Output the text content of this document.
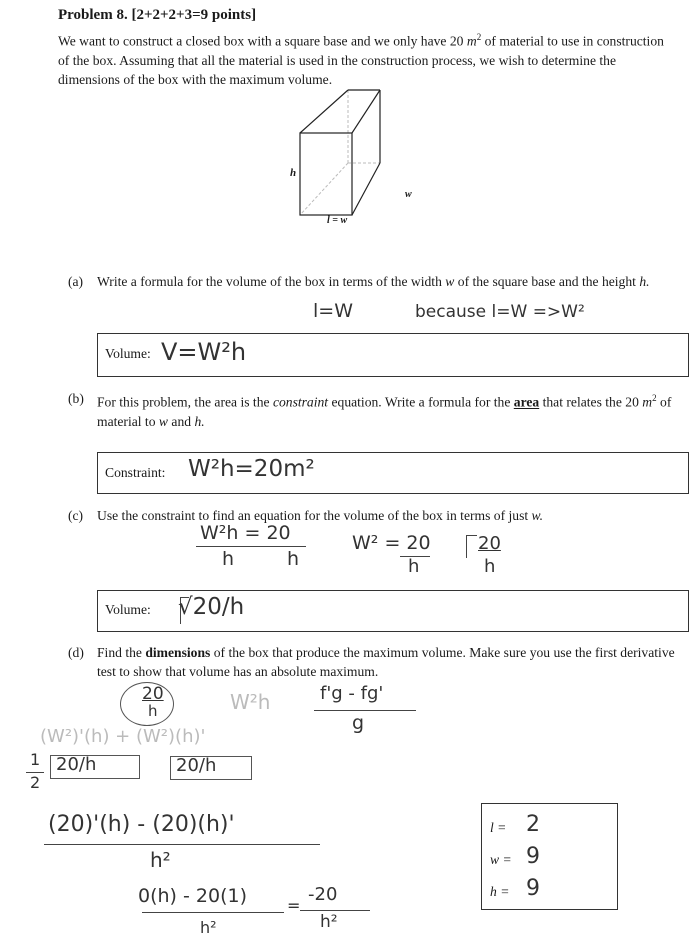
Problem 8. [2+2+2+3=9 points]
We want to construct a closed box with a square base and we only have 20 $m^2$ of material to use in construction of the box. Assuming that all the material is used in the construction process, we wish to determine the dimensions of the box with the maximum volume.
h
w
l = w
(a) Write a formula for the volume of the box in terms of the width w of the square base and the height h.
l=W	because l=W =>W²
Volume: V=W²h
(b) For this problem, the area is the constraint equation. Write a formula for the area that relates the 20 $m^2$ of material to w and h.
Constraint: W²h=20m²
(c) Use the constraint to find an equation for the volume of the box in terms of just w.
W²h = 20
h	h
W² = 20
h
20
h
Volume: √20/h
(d) Find the dimensions of the box that produce the maximum volume. Make sure you use the first derivative test to show that volume has an absolute maximum.
20
h	W²h	f'g - fg'
g
(W²)'(h) + (W²)(h)'
1
2
20/h	20/h
(20)'(h) - (20)(h)'
h²
0(h) - 20(1)	=
-20
h²
h²
l = 2
w = 9
h = 9
